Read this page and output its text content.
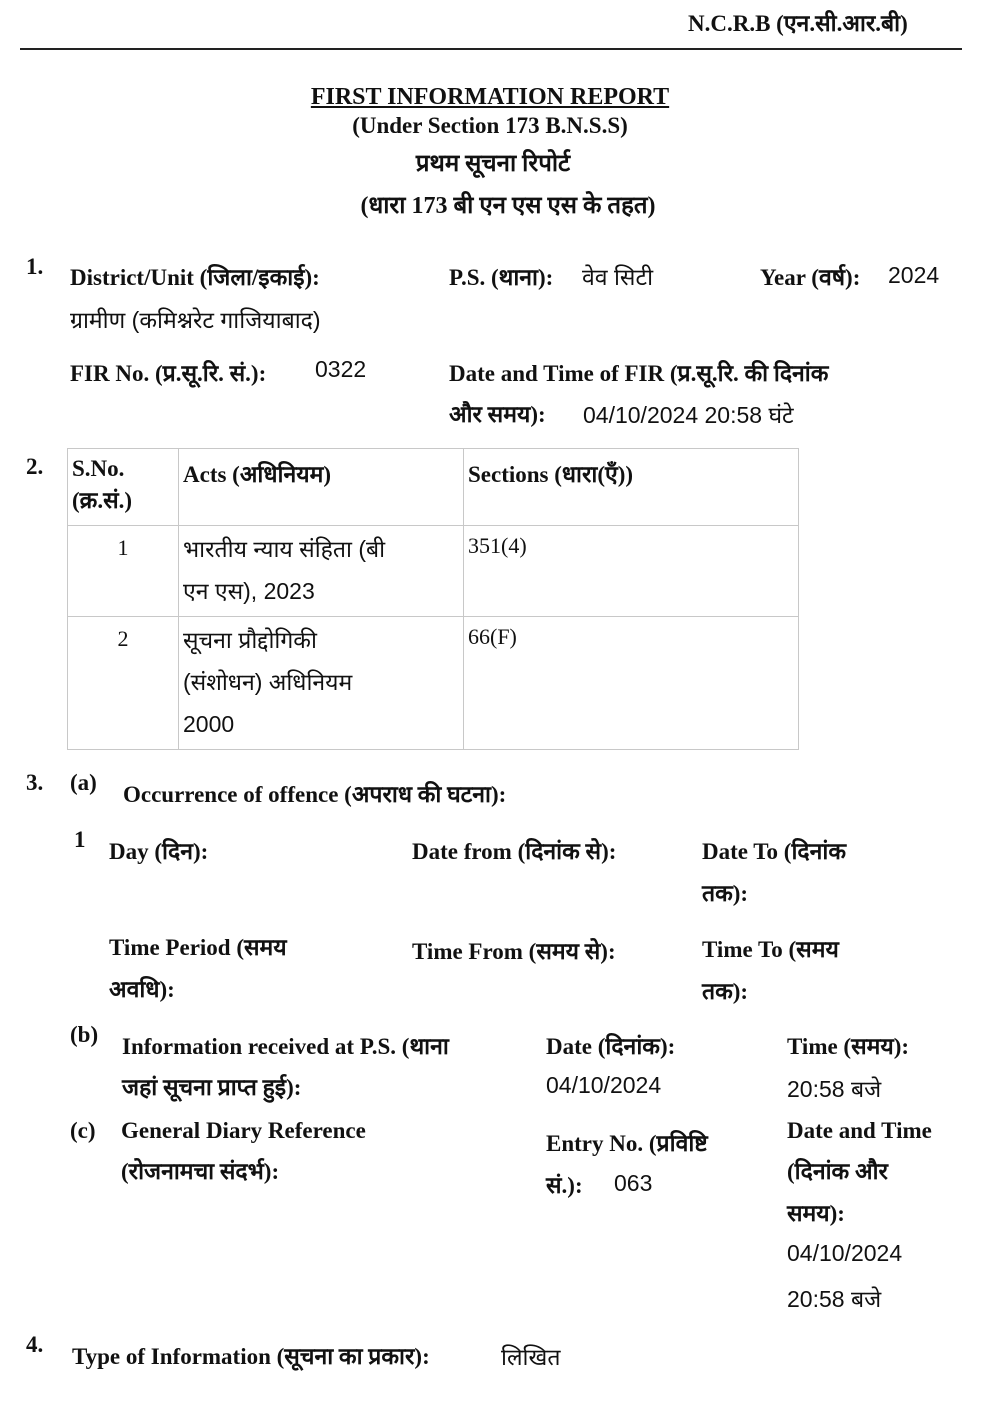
N.C.R.B (एन.सी.आर.बी)
FIRST INFORMATION REPORT
(Under Section 173 B.N.S.S)
प्रथम सूचना रिपोर्ट
(धारा 173 बी एन एस एस के तहत)
1. District/Unit (जिला/इकाई):
ग्रामीण (कमिश्नरेट गाजियाबाद)
P.S. (थाना): वेव सिटी	Year (वर्ष): 2024
FIR No. (प्र.सू.रि. सं.): 0322	Date and Time of FIR (प्र.सू.रि. की दिनांक
और समय): 04/10/2024 20:58 घंटे
2. S.No.
(क्र.सं.)	Acts (अधिनियम)	Sections (धारा(एँ))

1	भारतीय न्याय संहिता (बी
एन एस), 2023	351(4)

2	सूचना प्रौद्दोगिकी
(संशोधन) अधिनियम
2000	66(F)
3. (a) Occurrence of offence (अपराध की घटना):
1 Day (दिन):	Date from (दिनांक से):	Date To (दिनांक
तक):
Time Period (समय
अवधि):
Time From (समय से):	Time To (समय
तक):
(b) Information received at P.S. (थाना
जहां सूचना प्राप्त हुई):
Date (दिनांक):
04/10/2024
Time (समय):
20:58 बजे
(c) General Diary Reference
(रोजनामचा संदर्भ):
Entry No. (प्रविष्टि
सं.): 063
Date and Time
(दिनांक और
समय):
04/10/2024
20:58 बजे
4. Type of Information (सूचना का प्रकार):	लिखित
